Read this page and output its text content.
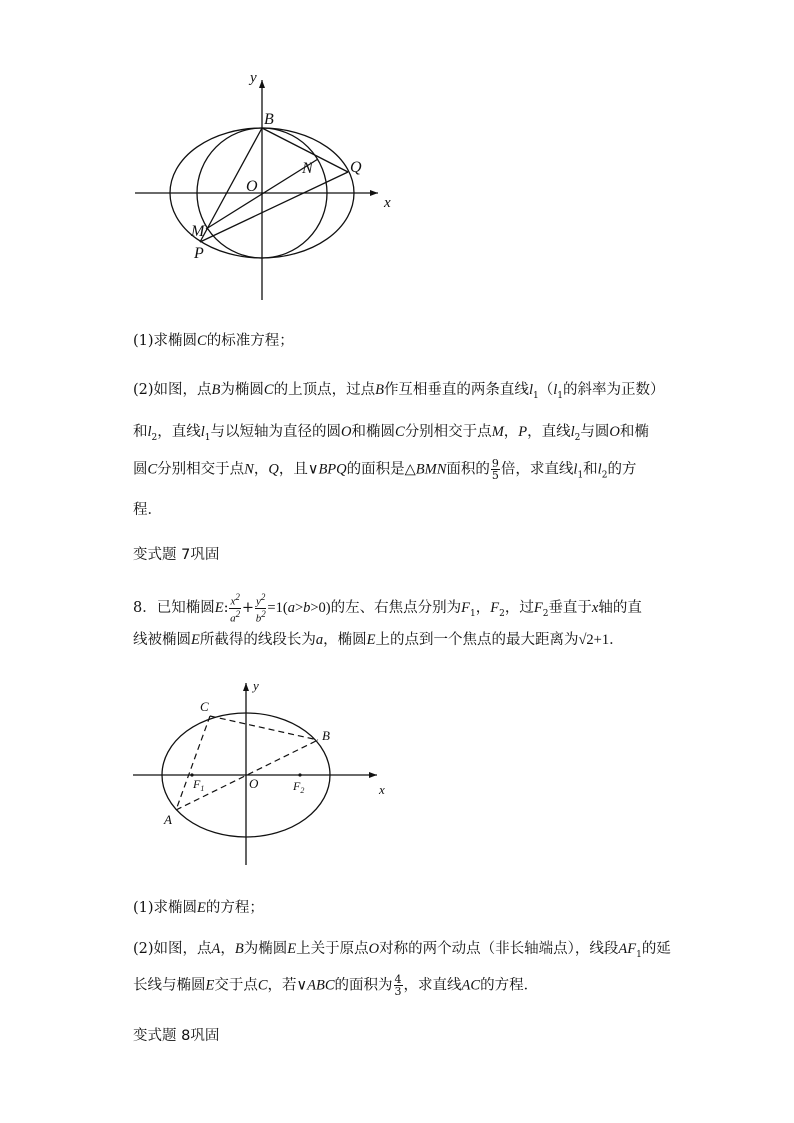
y
x
B
O
N Q
M
P
(1)求椭圆C的标准方程；
(2)如图，点B为椭圆C的上顶点，过点B作互相垂直的两条直线$l_1(l_1$的斜率为正数）
和$l_2$，直线$l_1$与以短轴为直径的圆O和椭圆C分别相交于点M，P，直线$l_2$与圆O和椭
圆C分别相交于点N，Q，且∨BPQ的面积是△BMN面积的 $\frac{9}{5}$ 倍，求直线$l_1$和$l_2$的方
程．
变式题 7巩固
8．已知椭圆E: $\frac{x^2}{a^2} + \frac{y^2}{b^2} =1(a>b>0)$的左、右焦点分别为$F_1$，$F_2$，过$F_2$垂直于x轴的直
线被椭圆E所截得的线段长为a，椭圆E上的点到一个焦点的最大距离为√2+1．
y
x
C
B
O
A
$F_1$	$F_2$
(1)求椭圆E的方程；
(2)如图，点A，B为椭圆E上关于原点O对称的两个动点（非长轴端点），线段$AF_1$的延
长线与椭圆E交于点C，若∨ABC的面积为 $\frac{4}{3}$ ，求直线AC的方程．
变式题 8巩固
